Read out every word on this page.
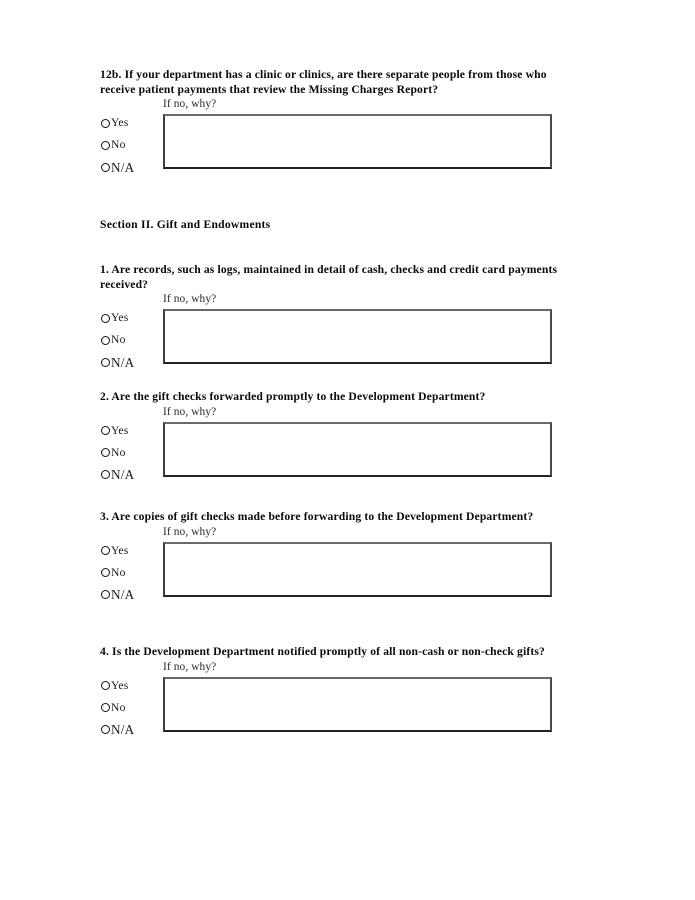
12b. If your department has a clinic or clinics, are there separate people from those who receive patient payments that review the Missing Charges Report?

If no, why?

Yes
No
N/A
Section II. Gift and Endowments

1. Are records, such as logs, maintained in detail of cash, checks and credit card payments received?

If no, why?

Yes
No
N/A

2. Are the gift checks forwarded promptly to the Development Department?

If no, why?

Yes
No
N/A

3. Are copies of gift checks made before forwarding to the Development Department?

If no, why?

Yes
No
N/A

4. Is the Development Department notified promptly of all non-cash or non-check gifts?

If no, why?

Yes
No
N/A
